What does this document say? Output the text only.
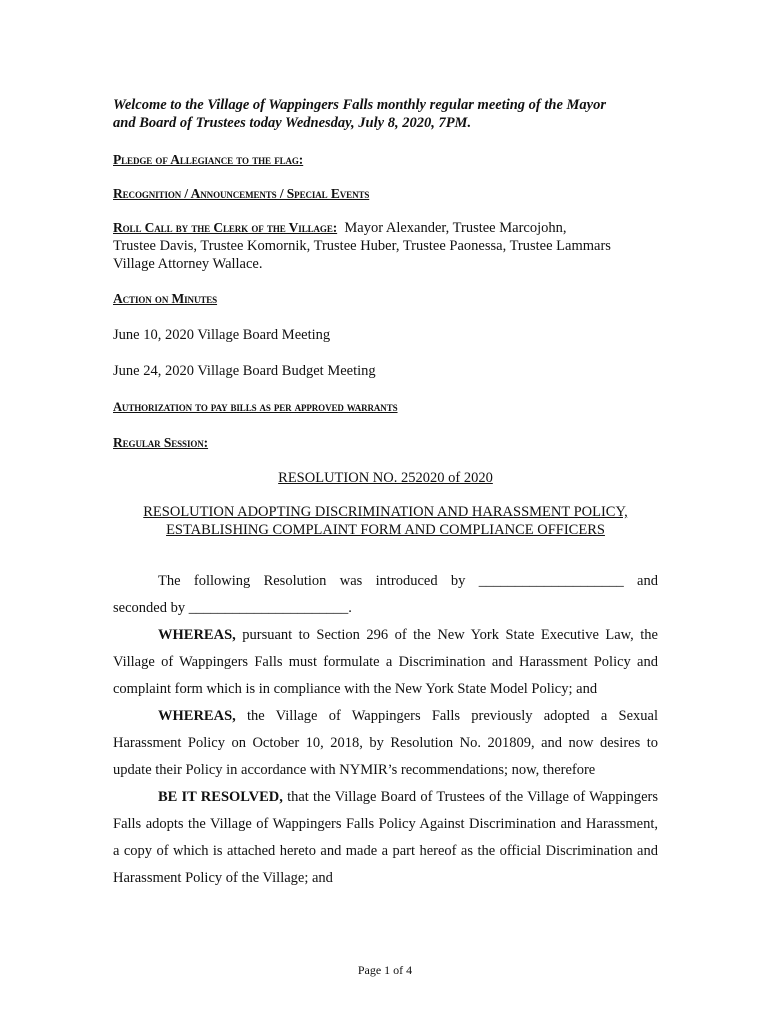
Welcome to the Village of Wappingers Falls monthly regular meeting of the Mayor
and Board of Trustees today Wednesday, July 8, 2020, 7PM.
Pledge of Allegiance to the flag:
Recognition / Announcements / Special Events
Roll Call by the Clerk of the Village:  Mayor Alexander, Trustee Marcojohn,
Trustee Davis, Trustee Komornik, Trustee Huber, Trustee Paonessa, Trustee Lammars
Village Attorney Wallace.
Action on Minutes
June 10, 2020 Village Board Meeting
June 24, 2020 Village Board Budget Meeting
Authorization to pay bills as per approved warrants
Regular Session:
RESOLUTION NO. 252020 of 2020
RESOLUTION ADOPTING DISCRIMINATION AND HARASSMENT POLICY,
ESTABLISHING COMPLAINT FORM AND COMPLIANCE OFFICERS
The following Resolution was introduced by ____________________ and
seconded by ______________________.
WHEREAS, pursuant to Section 296 of the New York State Executive Law, the Village of Wappingers Falls must formulate a Discrimination and Harassment Policy and complaint form which is in compliance with the New York State Model Policy; and
WHEREAS, the Village of Wappingers Falls previously adopted a Sexual Harassment Policy on October 10, 2018, by Resolution No. 201809, and now desires to update their Policy in accordance with NYMIR’s recommendations; now, therefore
BE IT RESOLVED, that the Village Board of Trustees of the Village of Wappingers Falls adopts the Village of Wappingers Falls Policy Against Discrimination and Harassment, a copy of which is attached hereto and made a part hereof as the official Discrimination and Harassment Policy of the Village; and
Page 1 of 4
